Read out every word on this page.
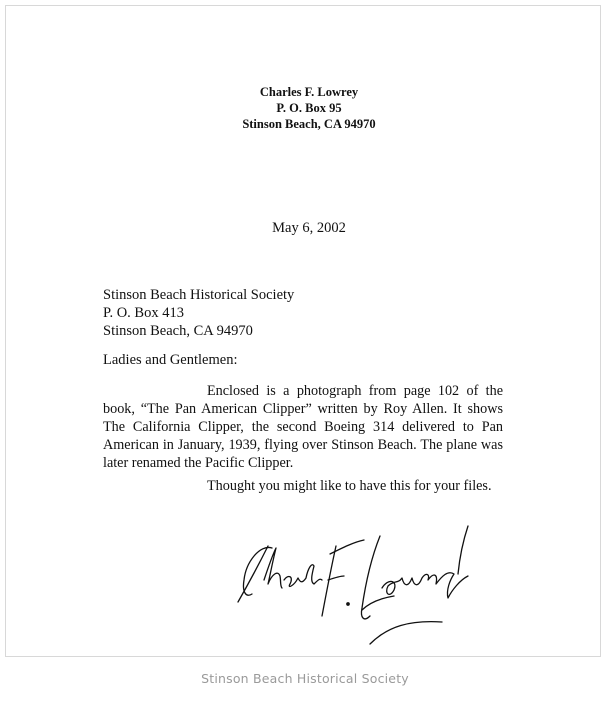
Charles F. Lowrey
P. O. Box 95
Stinson Beach, CA 94970
May 6, 2002
Stinson Beach Historical Society
P. O. Box 413
Stinson Beach, CA 94970
Ladies and Gentlemen:
Enclosed is a photograph from page 102 of the book, “The Pan American Clipper” written by Roy Allen. It shows The California Clipper, the second Boeing 314 delivered to Pan American in January, 1939, flying over Stinson Beach. The plane was later renamed the Pacific Clipper.
Thought you might like to have this for your files.
Stinson Beach Historical Society
